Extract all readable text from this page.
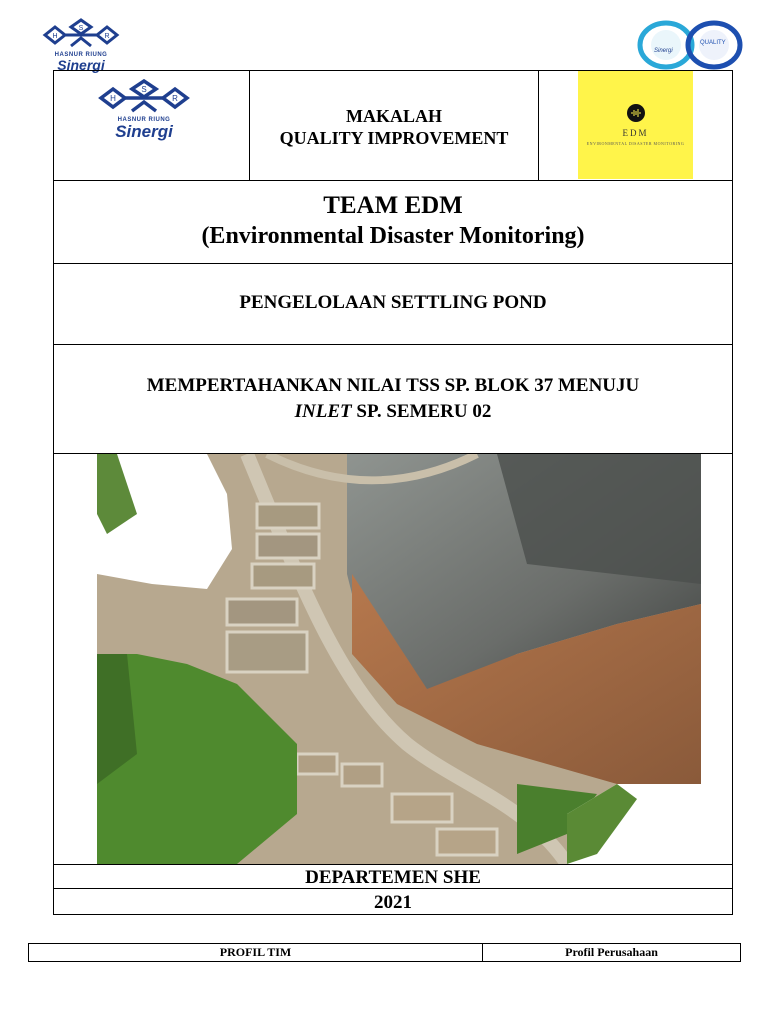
H
S
R
HASNUR RIUNG
Sinergi
QUALITY
Sinergi
H
S
R
HASNUR RIUNG
Sinergi
MAKALAH
QUALITY IMPROVEMENT	EDM
ENVIRONMENTAL DISASTER MONITORING
TEAM EDM
(Environmental Disaster Monitoring)
PENGELOLAAN SETTLING POND
MEMPERTAHANKAN NILAI TSS SP. BLOK 37 MENUJU
INLET SP. SEMERU 02
DEPARTEMEN SHE
2021
PROFIL TIM	Profil Perusahaan
